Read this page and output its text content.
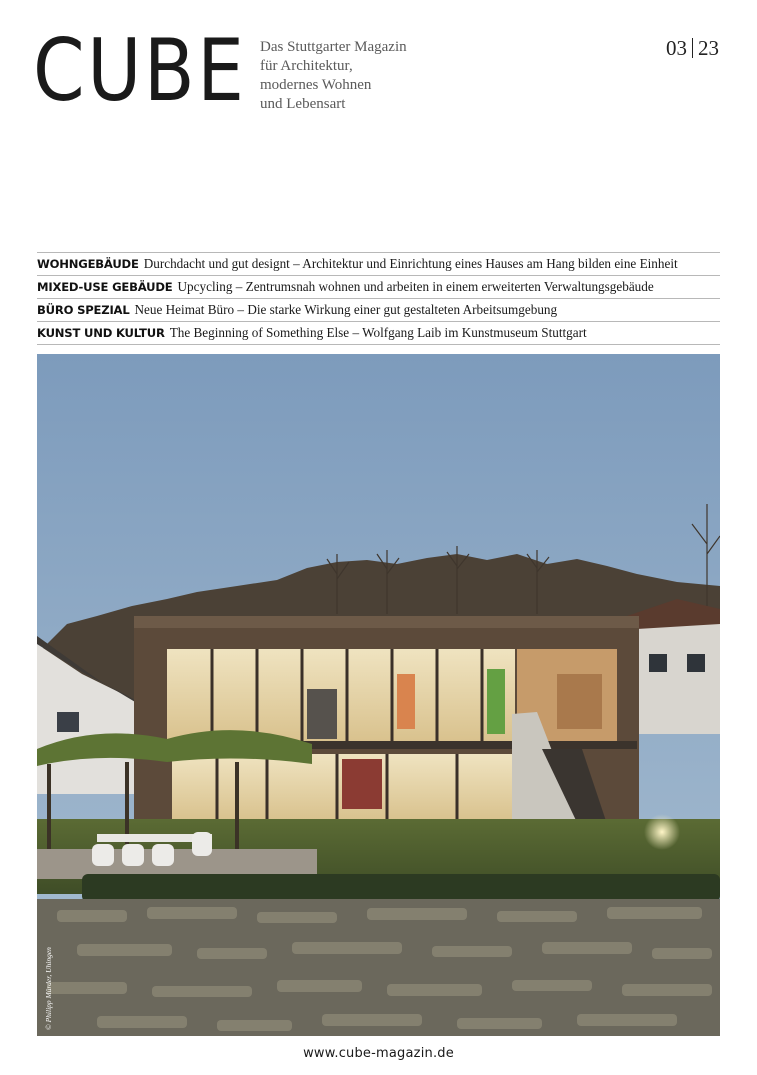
CUBE Das Stuttgarter Magazin
für Architektur,
modernes Wohnen
und Lebensart
03 23
WOHNGEBÄUDE Durchdacht und gut designt – Architektur und Einrichtung eines Hauses am Hang bilden eine Einheit
MIXED-USE GEBÄUDE Upcycling – Zentrumsnah wohnen und arbeiten in einem erweiterten Verwaltungsgebäude
BÜRO SPEZIAL Neue Heimat Büro – Die starke Wirkung einer gut gestalteten Arbeitsumgebung
KUNST UND KULTUR The Beginning of Something Else – Wolfgang Laib im Kunstmuseum Stuttgart
© Philipp Mürder, Uhingen
www.cube-magazin.de
